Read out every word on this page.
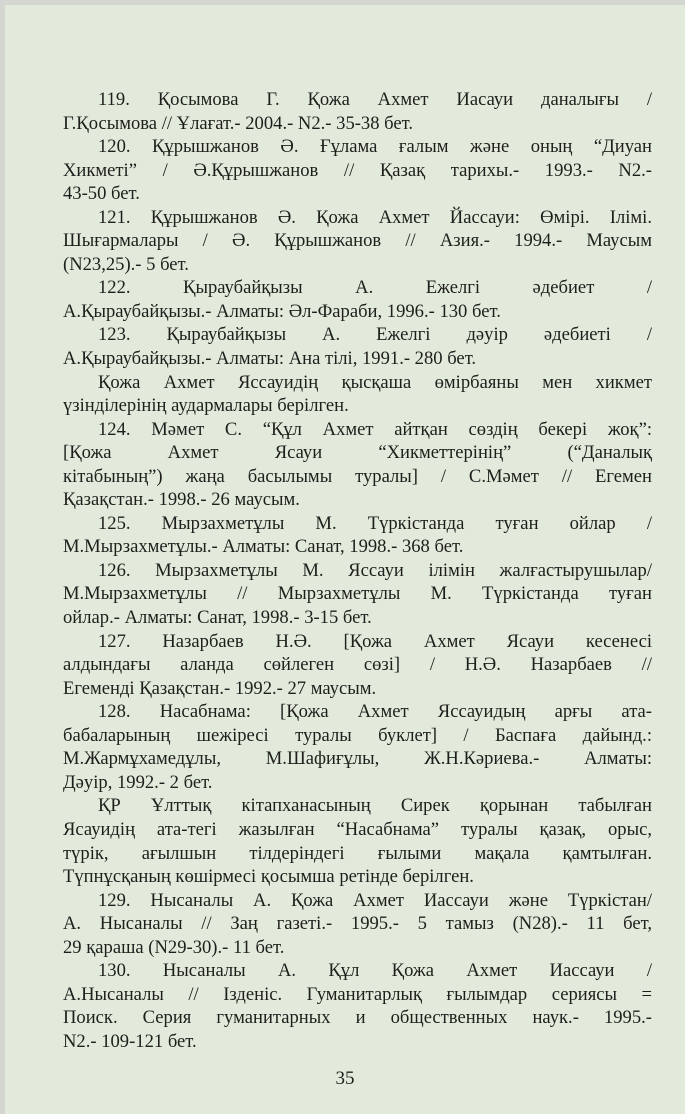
119. Қосымова Г. Қожа Ахмет Иасауи даналығы /
Г.Қосымова // Ұлағат.- 2004.- N2.- 35-38 бет.
120. Құрышжанов Ә. Ғұлама ғалым және оның “Диуан
Хикметі” / Ә.Құрышжанов // Қазақ тарихы.- 1993.- N2.-
43-50 бет.
121. Құрышжанов Ә. Қожа Ахмет Йассауи: Өмірі. Ілімі.
Шығармалары / Ә. Құрышжанов // Азия.- 1994.- Маусым
(N23,25).- 5 бет.
122. Қыраубайқызы А. Ежелгі әдебиет /
А.Қыраубайқызы.- Алматы: Әл-Фараби, 1996.- 130 бет.
123. Қыраубайқызы А. Ежелгі дәуір әдебиеті /
А.Қыраубайқызы.- Алматы: Ана тілі, 1991.- 280 бет.
Қожа Ахмет Яссауидің қысқаша өмірбаяны мен хикмет
үзінділерінің аудармалары берілген.
124. Мәмет С. “Құл Ахмет айтқан сөздің бекері жоқ”:
[Қожа Ахмет Ясауи “Хикметтерінің” (“Даналық
кітабының”) жаңа басылымы туралы] / С.Мәмет // Егемен
Қазақстан.- 1998.- 26 маусым.
125. Мырзахметұлы М. Түркістанда туған ойлар /
М.Мырзахметұлы.- Алматы: Санат, 1998.- 368 бет.
126. Мырзахметұлы М. Яссауи ілімін жалғастырушылар/
М.Мырзахметұлы // Мырзахметұлы М. Түркістанда туған
ойлар.- Алматы: Санат, 1998.- 3-15 бет.
127. Назарбаев Н.Ә. [Қожа Ахмет Ясауи кесенесі
алдындағы аланда сөйлеген сөзі] / Н.Ә. Назарбаев //
Егеменді Қазақстан.- 1992.- 27 маусым.
128. Насабнама: [Қожа Ахмет Яссауидың арғы ата-
бабаларының шежіресі туралы буклет] / Баспаға дайынд.:
М.Жармұхамедұлы, М.Шафиғұлы, Ж.Н.Кәриева.- Алматы:
Дәуір, 1992.- 2 бет.
ҚР Ұлттық кітапханасының Сирек қорынан табылған
Ясауидің ата-тегі жазылған “Насабнама” туралы қазақ, орыс,
түрік, ағылшын тілдеріндегі ғылыми мақала қамтылған.
Түпнұсқаның көшірмесі қосымша ретінде берілген.
129. Нысаналы А. Қожа Ахмет Иассауи және Түркістан/
А. Нысаналы // Заң газеті.- 1995.- 5 тамыз (N28).- 11 бет,
29 қараша (N29-30).- 11 бет.
130. Нысаналы А. Құл Қожа Ахмет Иассауи /
А.Нысаналы // Ізденіс. Гуманитарлық ғылымдар сериясы =
Поиск. Серия гуманитарных и общественных наук.- 1995.-
N2.- 109-121 бет.
35
